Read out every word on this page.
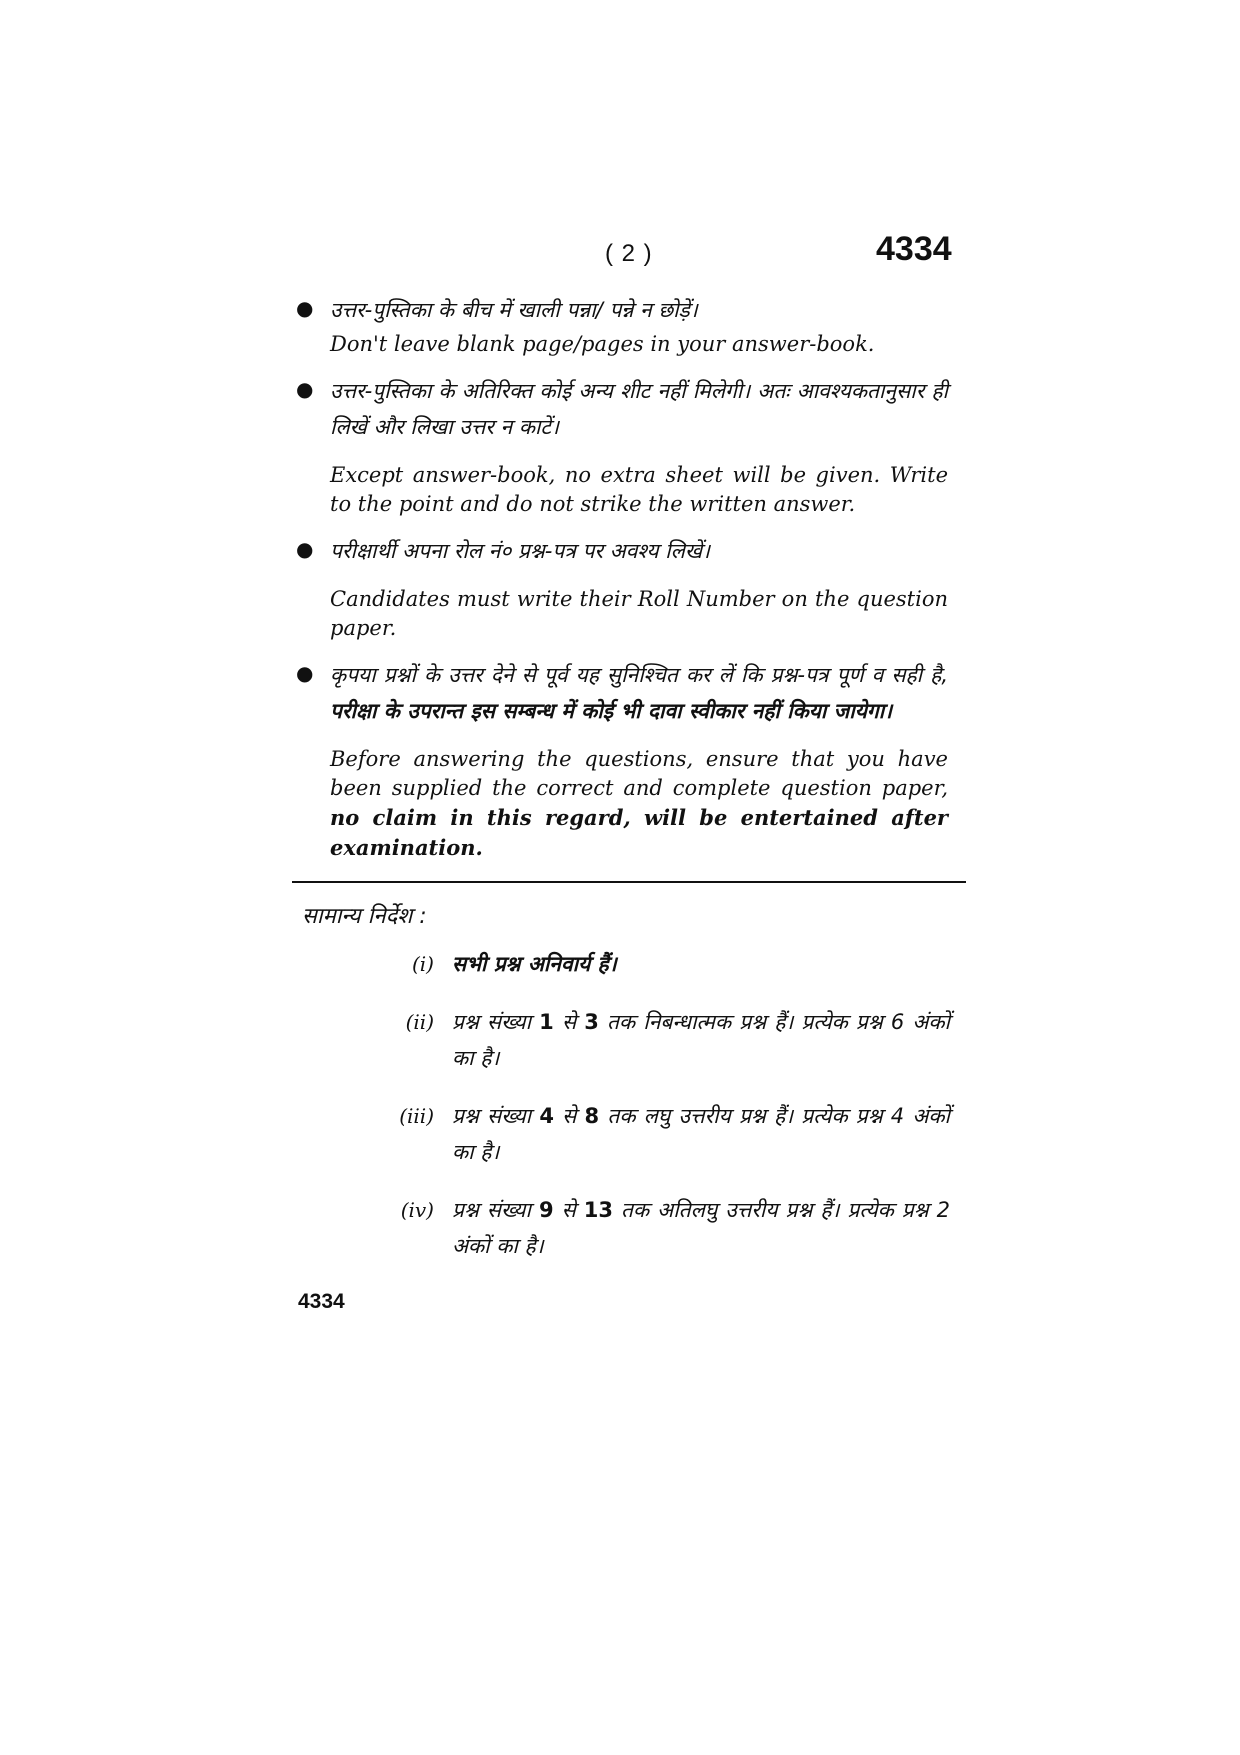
( 2 )	4334
● उत्तर-पुस्तिका के बीच में खाली पन्ना/ पन्ने न छोड़ें।
Don't leave blank page/pages in your answer-book.
● उत्तर-पुस्तिका के अतिरिक्त कोई अन्य शीट नहीं मिलेगी। अतः आवश्यकतानुसार ही लिखें और लिखा उत्तर न काटें।
Except answer-book, no extra sheet will be given. Write to the point and do not strike the written answer.
● परीक्षार्थी अपना रोल नं० प्रश्न-पत्र पर अवश्य लिखें।
Candidates must write their Roll Number on the question paper.
● कृपया प्रश्नों के उत्तर देने से पूर्व यह सुनिश्चित कर लें कि प्रश्न-पत्र पूर्ण व सही है, परीक्षा के उपरान्त इस सम्बन्ध में कोई भी दावा स्वीकार नहीं किया जायेगा।
Before answering the questions, ensure that you have been supplied the correct and complete question paper, no claim in this regard, will be entertained after examination.
सामान्य निर्देश :
(i) सभी प्रश्न अनिवार्य हैं।
(ii) प्रश्न संख्या 1 से 3 तक निबन्धात्मक प्रश्न हैं। प्रत्येक प्रश्न 6 अंकों का है।
(iii) प्रश्न संख्या 4 से 8 तक लघु उत्तरीय प्रश्न हैं। प्रत्येक प्रश्न 4 अंकों का है।
(iv) प्रश्न संख्या 9 से 13 तक अतिलघु उत्तरीय प्रश्न हैं। प्रत्येक प्रश्न 2 अंकों का है।
4334
